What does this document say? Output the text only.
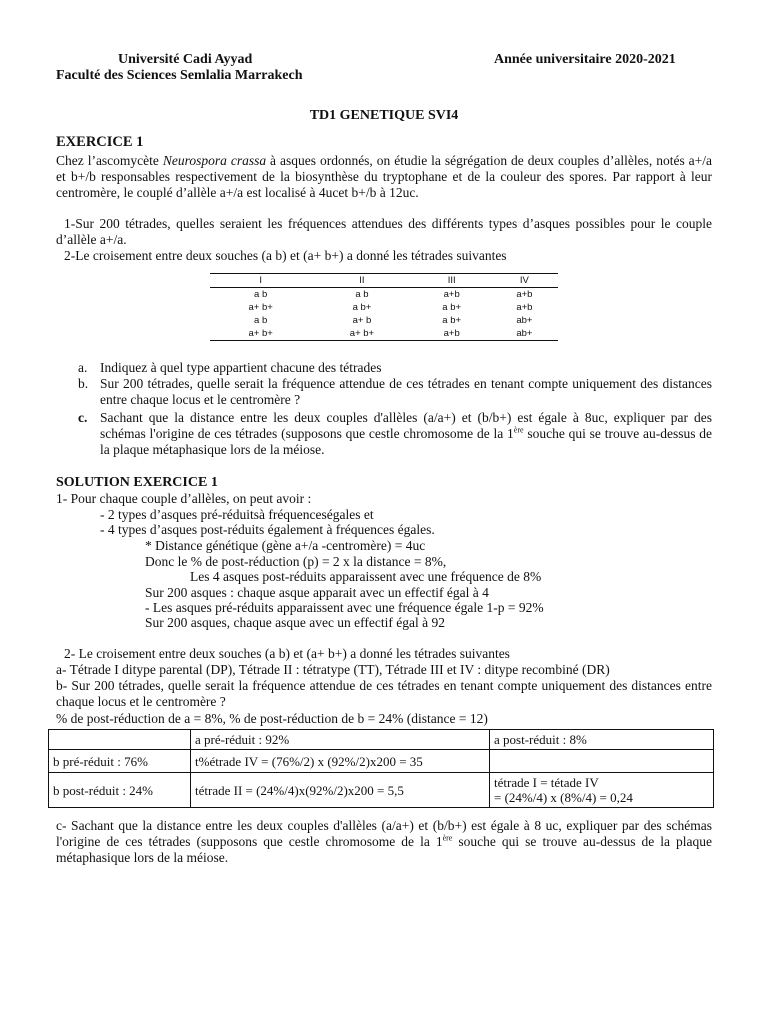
Université Cadi Ayyad
Faculté des Sciences Semlalia Marrakech
Année universitaire 2020-2021
TD1 GENETIQUE SVI4
EXERCICE 1
Chez l’ascomycète Neurospora crassa à asques ordonnés, on étudie la ségrégation de deux couples d’allèles, notés a+/a et b+/b responsables respectivement de la biosynthèse du tryptophane et de la couleur des spores. Par rapport à leur centromère, le couplé d’allèle a+/a est localisé à 4ucet b+/b à 12uc.
1-Sur 200 tétrades, quelles seraient les fréquences attendues des différents types d’asques possibles pour le couple d’allèle a+/a.
2-Le croisement entre deux souches (a b) et (a+ b+) a donné les tétrades suivantes
I	II	III	IV
a b	a b	a+b	a+b
a+ b+	a b+	a b+	a+b
a b	a+ b	a b+	ab+
a+ b+	a+ b+	a+b	ab+
a. Indiquez à quel type appartient chacune des tétrades
b. Sur 200 tétrades, quelle serait la fréquence attendue de ces tétrades en tenant compte uniquement des distances entre chaque locus et le centromère ?
c. Sachant que la distance entre les deux couples d'allèles (a/a+) et (b/b+) est égale à 8uc, expliquer par des schémas l'origine de ces tétrades (supposons que cestle chromosome de la 1ère souche qui se trouve au-dessus de la plaque métaphasique lors de la méiose.
SOLUTION EXERCICE 1
1- Pour chaque couple d’allèles, on peut avoir :
- 2 types d’asques pré-réduitsà fréquenceségales et
- 4 types d’asques post-réduits également à fréquences égales.
* Distance génétique (gène a+/a -centromère) = 4uc
Donc le % de post-réduction (p) = 2 x la distance = 8%,
Les 4 asques post-réduits apparaissent avec une fréquence de 8%
Sur 200 asques : chaque asque apparait avec un effectif égal à 4
- Les asques pré-réduits apparaissent avec une fréquence égale 1-p = 92%
Sur 200 asques, chaque asque avec un effectif égal à 92
2- Le croisement entre deux souches (a b) et (a+ b+) a donné les tétrades suivantes
a- Tétrade I ditype parental (DP), Tétrade II : tétratype (TT), Tétrade III et IV : ditype recombiné (DR)
b- Sur 200 tétrades, quelle serait la fréquence attendue de ces tétrades en tenant compte uniquement des distances entre chaque locus et le centromère ?
% de post-réduction de a = 8%, % de post-réduction de b = 24% (distance = 12)
	a pré-réduit : 92%	a post-réduit : 8%
b pré-réduit : 76%	t%étrade IV = (76%/2) x (92%/2)x200 = 35	
b post-réduit : 24%	tétrade II = (24%/4)x(92%/2)x200 = 5,5	tétrade I = tétade IV
= (24%/4) x (8%/4) = 0,24
c- Sachant que la distance entre les deux couples d'allèles (a/a+) et (b/b+) est égale à 8 uc, expliquer par des schémas l'origine de ces tétrades (supposons que cestle chromosome de la 1ère souche qui se trouve au-dessus de la plaque métaphasique lors de la méiose.
